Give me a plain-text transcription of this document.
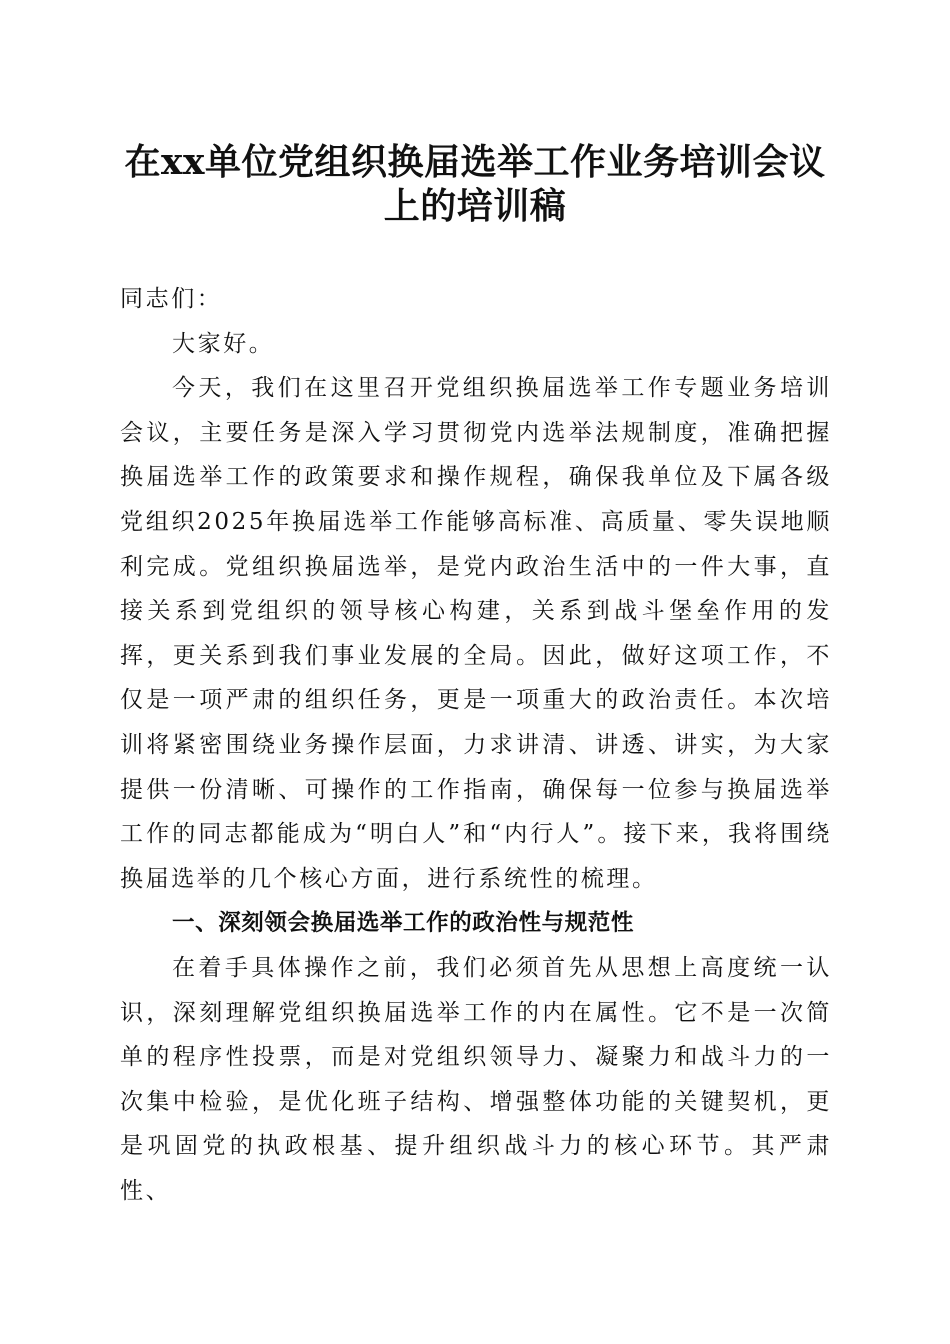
在xx单位党组织换届选举工作业务培训会议
上的培训稿

同志们：

大家好。

今天，我们在这里召开党组织换届选举工作专题业务培训会议，主要任务是深入学习贯彻党内选举法规制度，准确把握换届选举工作的政策要求和操作规程，确保我单位及下属各级党组织2025年换届选举工作能够高标准、高质量、零失误地顺利完成。党组织换届选举，是党内政治生活中的一件大事，直接关系到党组织的领导核心构建，关系到战斗堡垒作用的发挥，更关系到我们事业发展的全局。因此，做好这项工作，不仅是一项严肃的组织任务，更是一项重大的政治责任。本次培训将紧密围绕业务操作层面，力求讲清、讲透、讲实，为大家提供一份清晰、可操作的工作指南，确保每一位参与换届选举工作的同志都能成为“明白人”和“内行人”。接下来，我将围绕换届选举的几个核心方面，进行系统性的梳理。

一、深刻领会换届选举工作的政治性与规范性

在着手具体操作之前，我们必须首先从思想上高度统一认识，深刻理解党组织换届选举工作的内在属性。它不是一次简单的程序性投票，而是对党组织领导力、凝聚力和战斗力的一次集中检验，是优化班子结构、增强整体功能的关键契机，更是巩固党的执政根基、提升组织战斗力的核心环节。其严肃性、
